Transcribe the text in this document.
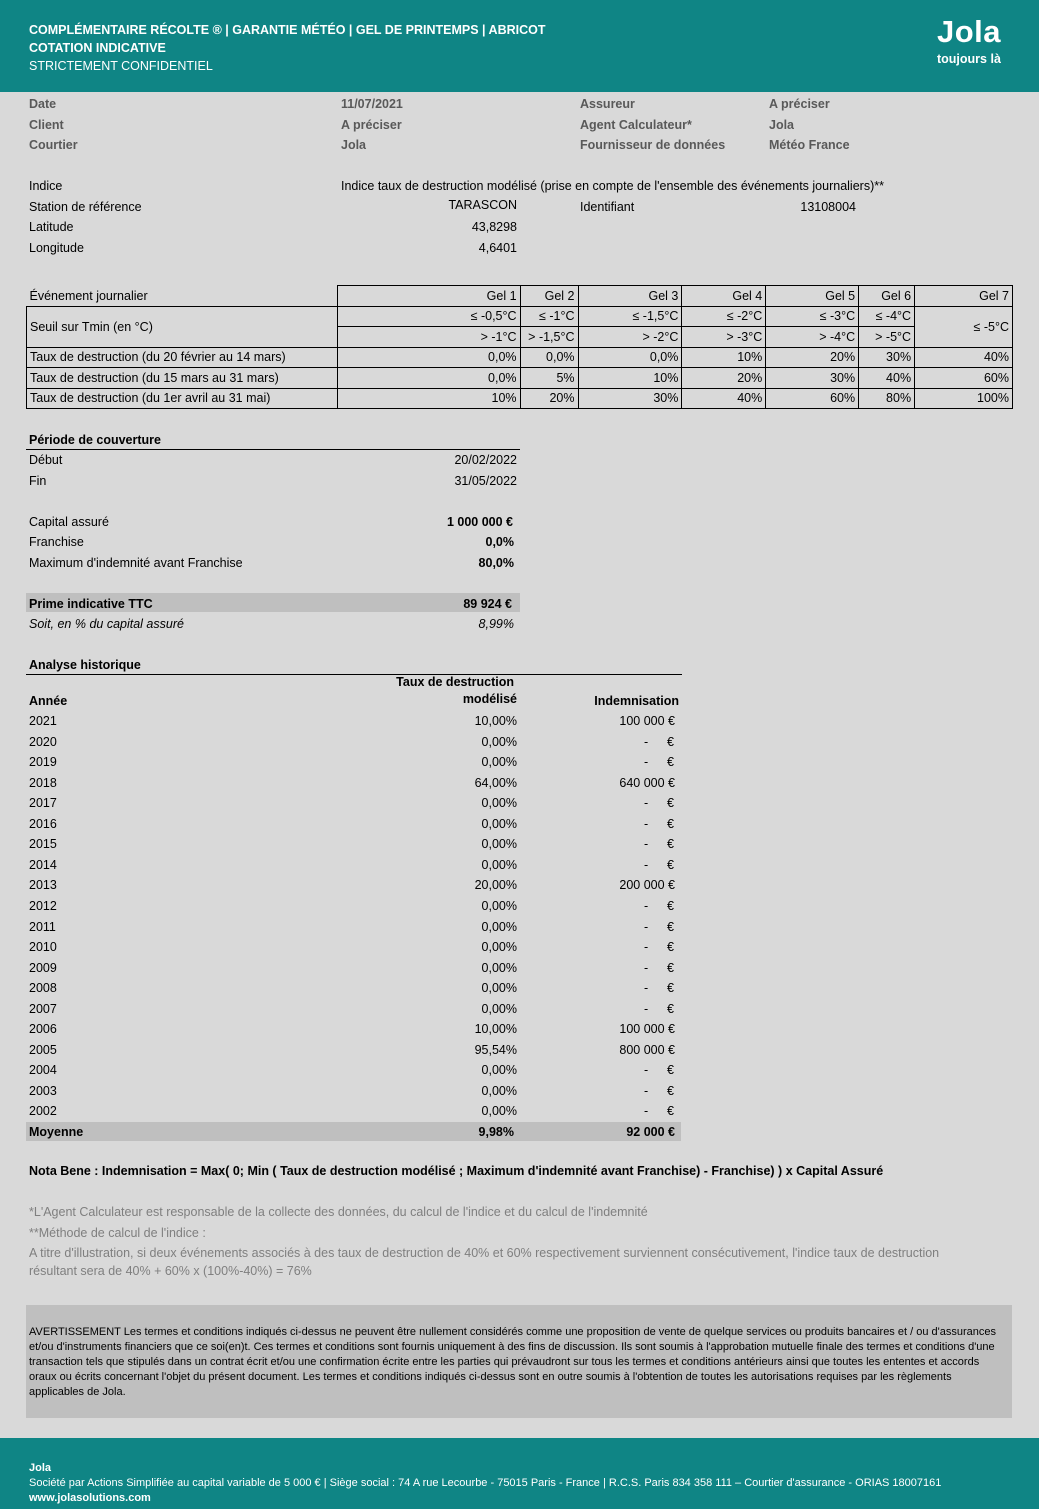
COMPLÉMENTAIRE RÉCOLTE ® | GARANTIE MÉTÉO | GEL DE PRINTEMPS | ABRICOT
COTATION INDICATIVE
STRICTEMENT CONFIDENTIEL
Jola
toujours là
Date	11/07/2021	Assureur	A préciser
Client	A préciser	Agent Calculateur*	Jola
Courtier	Jola	Fournisseur de données	Météo France
Indice	Indice taux de destruction modélisé (prise en compte de l'ensemble des événements journaliers)**
Station de référence	TARASCON	Identifiant	13108004
Latitude	43,8298
Longitude	4,6401
Événement journalier	Gel 1	Gel 2	Gel 3	Gel 4	Gel 5	Gel 6	Gel 7
Seuil sur Tmin (en °C)	≤ -0,5°C	≤ -1°C	≤ -1,5°C	≤ -2°C	≤ -3°C	≤ -4°C	≤ -5°C
	> -1°C	> -1,5°C	> -2°C	> -3°C	> -4°C	> -5°C	
Taux de destruction (du 20 février au 14 mars)	0,0%	0,0%	0,0%	10%	20%	30%	40%
Taux de destruction (du 15 mars au 31 mars)	0,0%	5%	10%	20%	30%	40%	60%
Taux de destruction (du 1er avril au 31 mai)	10%	20%	30%	40%	60%	80%	100%
Période de couverture
Début	20/02/2022
Fin	31/05/2022
Capital assuré	1 000 000 €
Franchise	0,0%
Maximum d'indemnité avant Franchise	80,0%
Prime indicative TTC	89 924 €
Soit, en % du capital assuré	8,99%
Analyse historique
Taux de destruction
modélisé
Année	Indemnisation
2021	10,00%	100 000 €
2020	0,00%	- €
2019	0,00%	- €
2018	64,00%	640 000 €
2017	0,00%	- €
2016	0,00%	- €
2015	0,00%	- €
2014	0,00%	- €
2013	20,00%	200 000 €
2012	0,00%	- €
2011	0,00%	- €
2010	0,00%	- €
2009	0,00%	- €
2008	0,00%	- €
2007	0,00%	- €
2006	10,00%	100 000 €
2005	95,54%	800 000 €
2004	0,00%	- €
2003	0,00%	- €
2002	0,00%	- €
Moyenne	9,98%	92 000 €
Nota Bene : Indemnisation = Max( 0; Min ( Taux de destruction modélisé ; Maximum d'indemnité avant Franchise) - Franchise) ) x Capital Assuré
*L'Agent Calculateur est responsable de la collecte des données, du calcul de l'indice et du calcul de l'indemnité
**Méthode de calcul de l'indice :
A titre d'illustration, si deux événements associés à des taux de destruction de 40% et 60% respectivement surviennent consécutivement, l'indice taux de destruction
résultant sera de 40% + 60% x (100%-40%) = 76%
AVERTISSEMENT Les termes et conditions indiqués ci-dessus ne peuvent être nullement considérés comme une proposition de vente de quelque services ou produits bancaires et / ou d'assurances et/ou d'instruments financiers que ce soi(en)t. Ces termes et conditions sont fournis uniquement à des fins de discussion. Ils sont soumis à l'approbation mutuelle finale des termes et conditions d'une transaction tels que stipulés dans un contrat écrit et/ou une confirmation écrite entre les parties qui prévaudront sur tous les termes et conditions antérieurs ainsi que toutes les ententes et accords oraux ou écrits concernant l'objet du présent document. Les termes et conditions indiqués ci-dessus sont en outre soumis à l'obtention de toutes les autorisations requises par les règlements applicables de Jola.
Jola
Société par Actions Simplifiée au capital variable de 5 000 € | Siège social : 74 A rue Lecourbe - 75015 Paris - France | R.C.S. Paris 834 358 111 – Courtier d'assurance - ORIAS 18007161
www.jolasolutions.com
